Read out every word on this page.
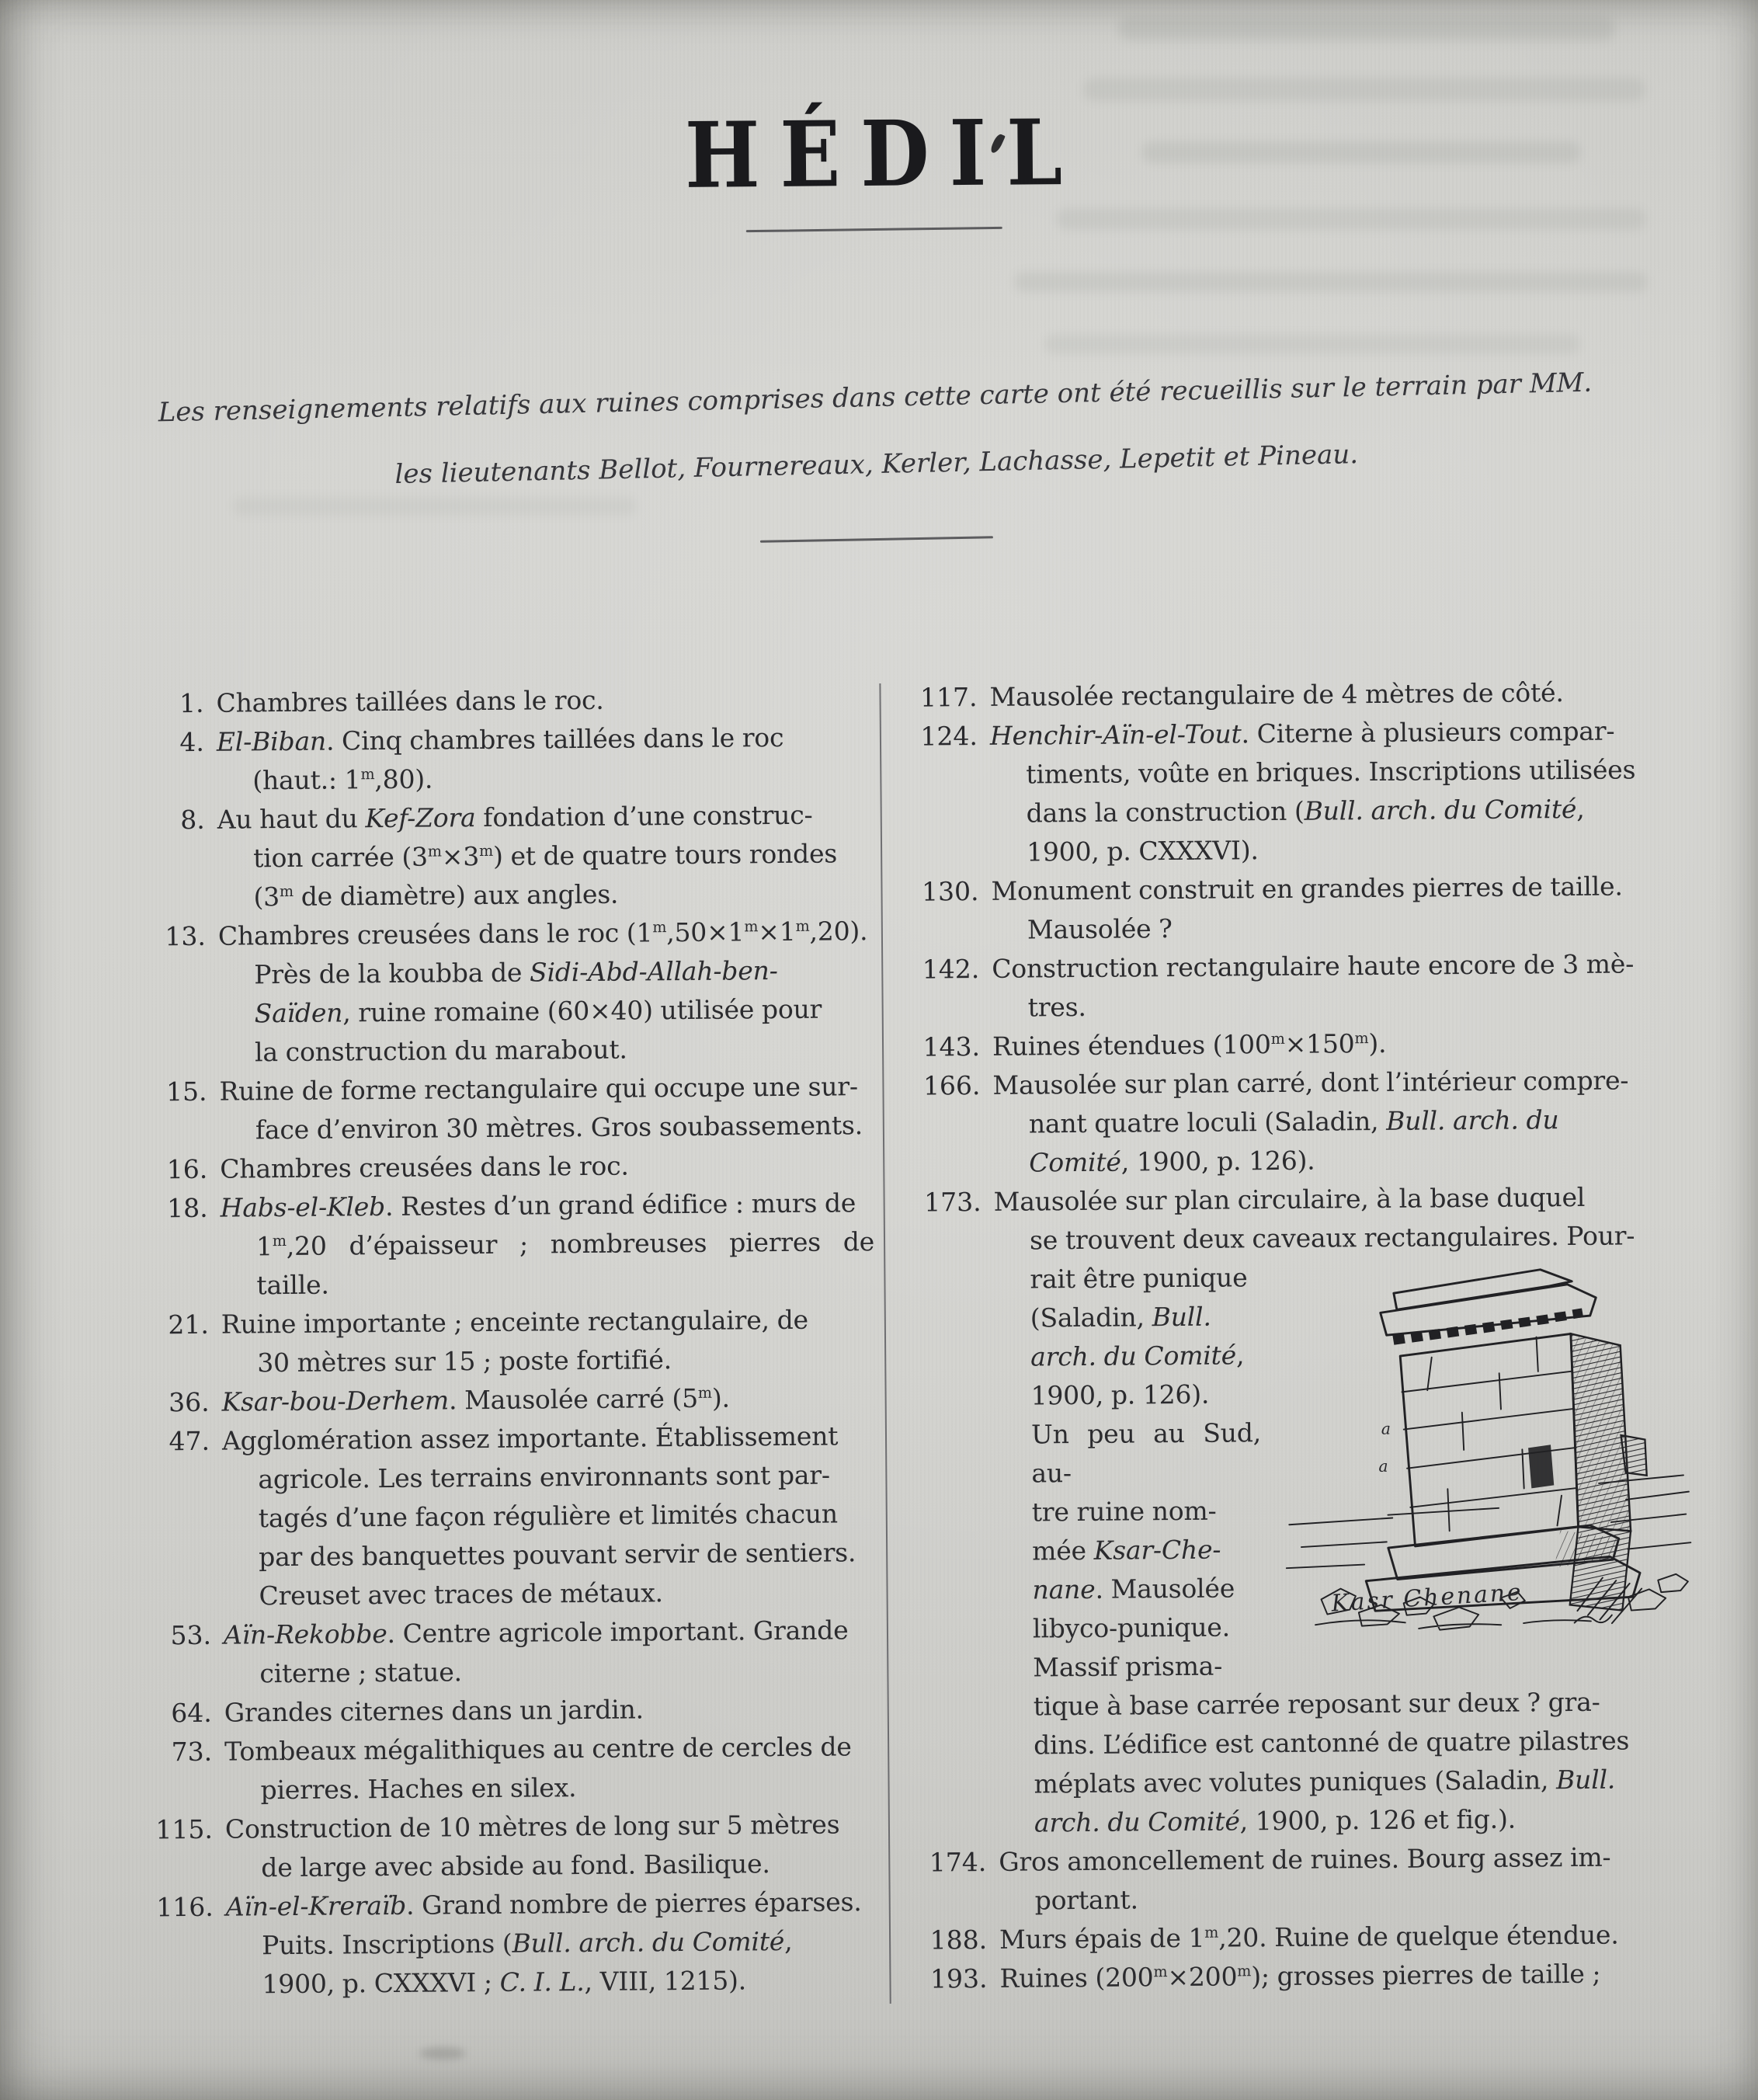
HÉDIL

Les renseignements relatifs aux ruines comprises dans cette carte ont été recueillis sur le terrain par MM. les lieutenants Bellot, Fournereaux, Kerler, Lachasse, Lepetit et Pineau.

1. Chambres taillées dans le roc.
4. El-Biban. Cinq chambres taillées dans le roc
(haut.: 1$^m$,80).
8. Au haut du Kef-Zora fondation d’une construc-
tion carrée $(3^m\times 3^m)$ et de quatre tours rondes
(3$^m$ de diamètre) aux angles.
13. Chambres creusées dans le roc $(1^m,50\times 1^m\times 1^m,20)$.
Près de la koubba de Sidi-Abd-Allah-ben-
Saïden, ruine romaine (60×40) utilisée pour
la construction du marabout.
15. Ruine de forme rectangulaire qui occupe une sur-
face d’environ 30 mètres. Gros soubassements.
16. Chambres creusées dans le roc.
18. Habs-el-Kleb. Restes d’un grand édifice : murs de
1$^m$,20 d’épaisseur ; nombreuses pierres de taille.
21. Ruine importante ; enceinte rectangulaire, de
30 mètres sur 15 ; poste fortifié.
36. Ksar-bou-Derhem. Mausolée carré (5$^m$).
47. Agglomération assez importante. Établissement
agricole. Les terrains environnants sont par-
tagés d’une façon régulière et limités chacun
par des banquettes pouvant servir de sentiers.
Creuset avec traces de métaux.
53. Aïn-Rekobbe. Centre agricole important. Grande
citerne ; statue.
64. Grandes citernes dans un jardin.
73. Tombeaux mégalithiques au centre de cercles de
pierres. Haches en silex.
115. Construction de 10 mètres de long sur 5 mètres
de large avec abside au fond. Basilique.
116. Aïn-el-Kreraïb. Grand nombre de pierres éparses.
Puits. Inscriptions (Bull. arch. du Comité,
1900, p. CXXXVI ; C. I. L., VIII, 1215).
117. Mausolée rectangulaire de 4 mètres de côté.
124. Henchir-Aïn-el-Tout. Citerne à plusieurs compar-
timents, voûte en briques. Inscriptions utilisées
dans la construction (Bull. arch. du Comité,
1900, p. CXXXVI).
130. Monument construit en grandes pierres de taille.
Mausolée ?
142. Construction rectangulaire haute encore de 3 mè-
tres.
143. Ruines étendues $(100^m\times 150^m)$.
166. Mausolée sur plan carré, dont l’intérieur compre-
nant quatre loculi (Saladin, Bull. arch. du
Comité, 1900, p. 126).
173. Mausolée sur plan circulaire, à la base duquel
se trouvent deux caveaux rectangulaires. Pour-
a
a
Kasr Chenane
rait être punique
(Saladin, Bull.
arch. du Comité,
1900, p. 126).
Un peu au Sud, au-
tre ruine nom-
mée Ksar-Che-
nane. Mausolée
libyco-punique.
Massif prisma-
tique à base carrée reposant sur deux ? gra-
dins. L’édifice est cantonné de quatre pilastres
méplats avec volutes puniques (Saladin, Bull.
arch. du Comité, 1900, p. 126 et fig.).
174. Gros amoncellement de ruines. Bourg assez im-
portant.
188. Murs épais de 1$^m$,20. Ruine de quelque étendue.
193. Ruines $(200^m\times 200^m)$; grosses pierres de taille ;
